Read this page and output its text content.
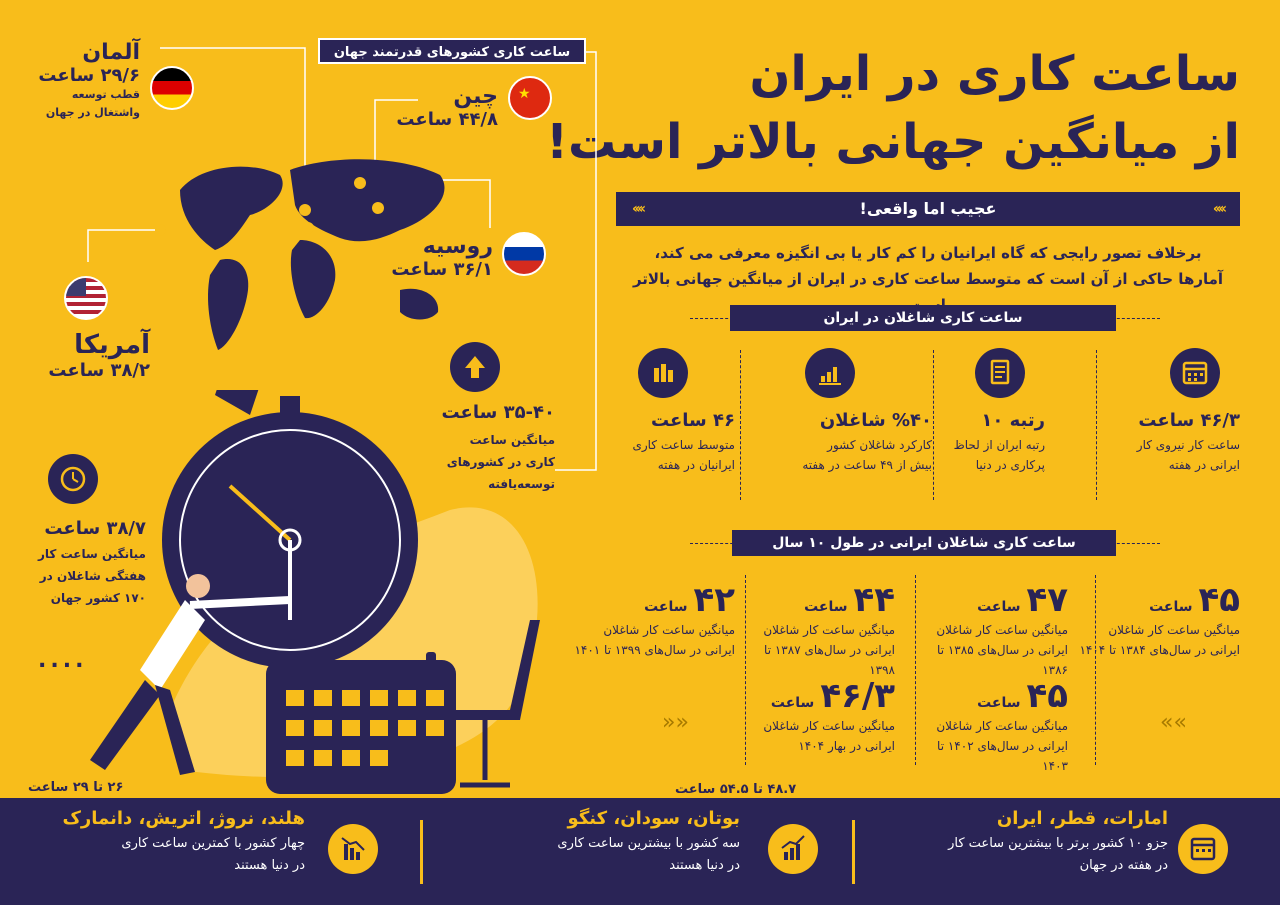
ساعت کاری در ایران
از میانگین جهانی بالاتر است!
››››	عجیب اما واقعی!	››››
برخلاف تصور رایجی که گاه ایرانیان را کم کار یا بی انگیزه معرفی می کند،
آمارها حاکی از آن است که متوسط ساعت کاری در ایران از میانگین جهانی بالاتر
ساعت کاری شاغلان در ایران
۴۶/۳ ساعت
ساعت کار نیروی کار
ایرانی در هفته
رتبه ۱۰
رتبه ایران از لحاظ
پرکاری در دنیا
%۴۰ شاغلان
کارکرد شاغلان کشور
بیش از ۴۹ ساعت در هفته
۴۶ ساعت
متوسط ساعت کاری
ایرانیان در هفته
ساعت کاری شاغلان ایرانی در طول ۱۰ سال
۴۵ساعت
میانگین ساعت کار شاغلان
ایرانی در سال‌های ۱۳۸۴ تا ۱۴۰۴
۴۷ساعت
میانگین ساعت کار شاغلان
ایرانی در سال‌های ۱۳۸۵ تا ۱۳۸۶
۴۴ساعت
میانگین ساعت کار شاغلان
ایرانی در سال‌های ۱۳۸۷ تا ۱۳۹۸
۴۲ساعت
میانگین ساعت کار شاغلان
ایرانی در سال‌های ۱۳۹۹ تا ۱۴۰۱
۴۵ساعت
میانگین ساعت کار شاغلان
ایرانی در سال‌های ۱۴۰۲ تا ۱۴۰۳
۴۶/۳ساعت
میانگین ساعت کار شاغلان
ایرانی در بهار ۱۴۰۴
»»	««
ساعت کاری کشورهای قدرتمند جهان
آلمان
۲۹/۶ ساعت
قطب توسعه
واشتغال در جهان
★
چین
۴۴/۸ ساعت
روسیه
۳۶/۱ ساعت
آمریکا
۳۸/۲ ساعت
۳۵-۴۰ ساعت
میانگین ساعت
کاری در کشورهای
توسعه‌یافته
۳۸/۷ ساعت
میانگین ساعت کار
هفتگی شاغلان در
۱۷۰ کشور جهان
....
۲۶ تا ۲۹ ساعت	۴۸.۷ تا ۵۴.۵ ساعت
امارات، قطر، ایران
جزو ۱۰ کشور برتر با بیشترین ساعت کار
در هفته در جهان
بوتان، سودان، کنگو
سه کشور با بیشترین ساعت کاری
در دنیا هستند
هلند، نروژ، اتریش، دانمارک
چهار کشور با کمترین ساعت کاری
در دنیا هستند
